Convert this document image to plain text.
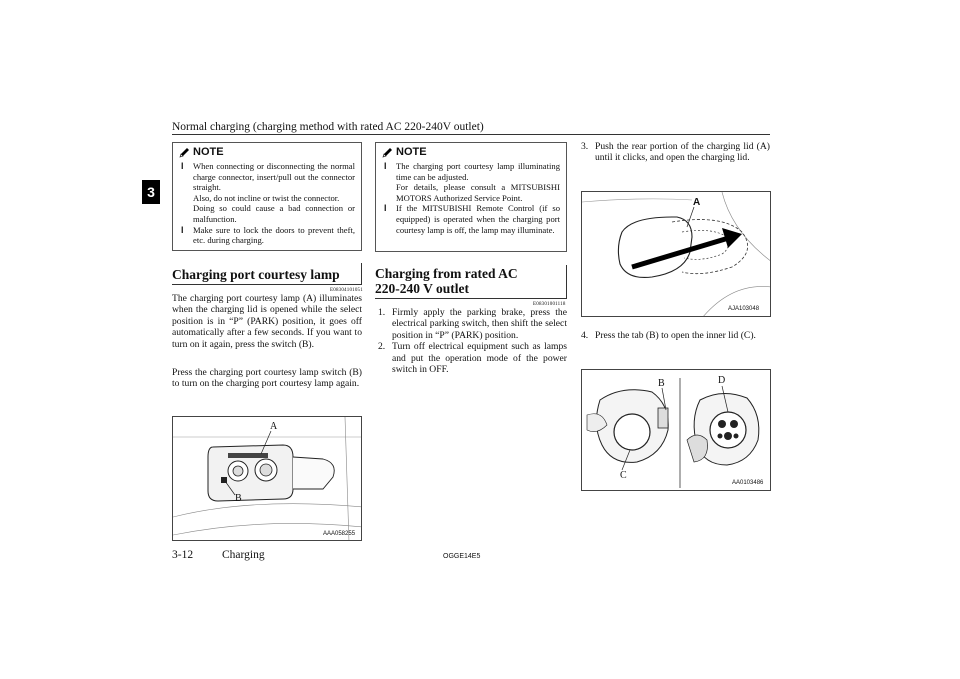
Normal charging (charging method with rated AC 220-240V outlet)
3
NOTE
l When connecting or disconnecting the normal charge connector, insert/pull out the connector straight.
Also, do not incline or twist the connector.
Doing so could cause a bad connection or malfunction.
l Make sure to lock the doors to prevent theft, etc. during charging.
Charging port courtesy lamp
E08304101051
The charging port courtesy lamp (A) illuminates when the charging lid is opened while the select position is in “P” (PARK) position, it goes off automatically after a few seconds. If you want to turn on it again, press the switch (B).
Press the charging port courtesy lamp switch (B) to turn on the charging port courtesy lamp again.
A
B
AAA058255
NOTE
l The charging port courtesy lamp illuminating time can be adjusted.
For details, please consult a MITSUBISHI MOTORS Authorized Service Point.
l If the MITSUBISHI Remote Control (if so equipped) is operated when the charging port courtesy lamp is off, the lamp may illuminate.
Charging from rated AC
220-240 V outlet
E08301001118
1. Firmly apply the parking brake, press the electrical parking switch, then shift the select position in “P” (PARK) position.
2. Turn off electrical equipment such as lamps and put the operation mode of the power switch in OFF.
3. Push the rear portion of the charging lid (A) until it clicks, and open the charging lid.
A
AJA103048
4. Press the tab (B) to open the inner lid (C).
B
C
D
AA0103486
3-12	Charging	OGGE14E5
